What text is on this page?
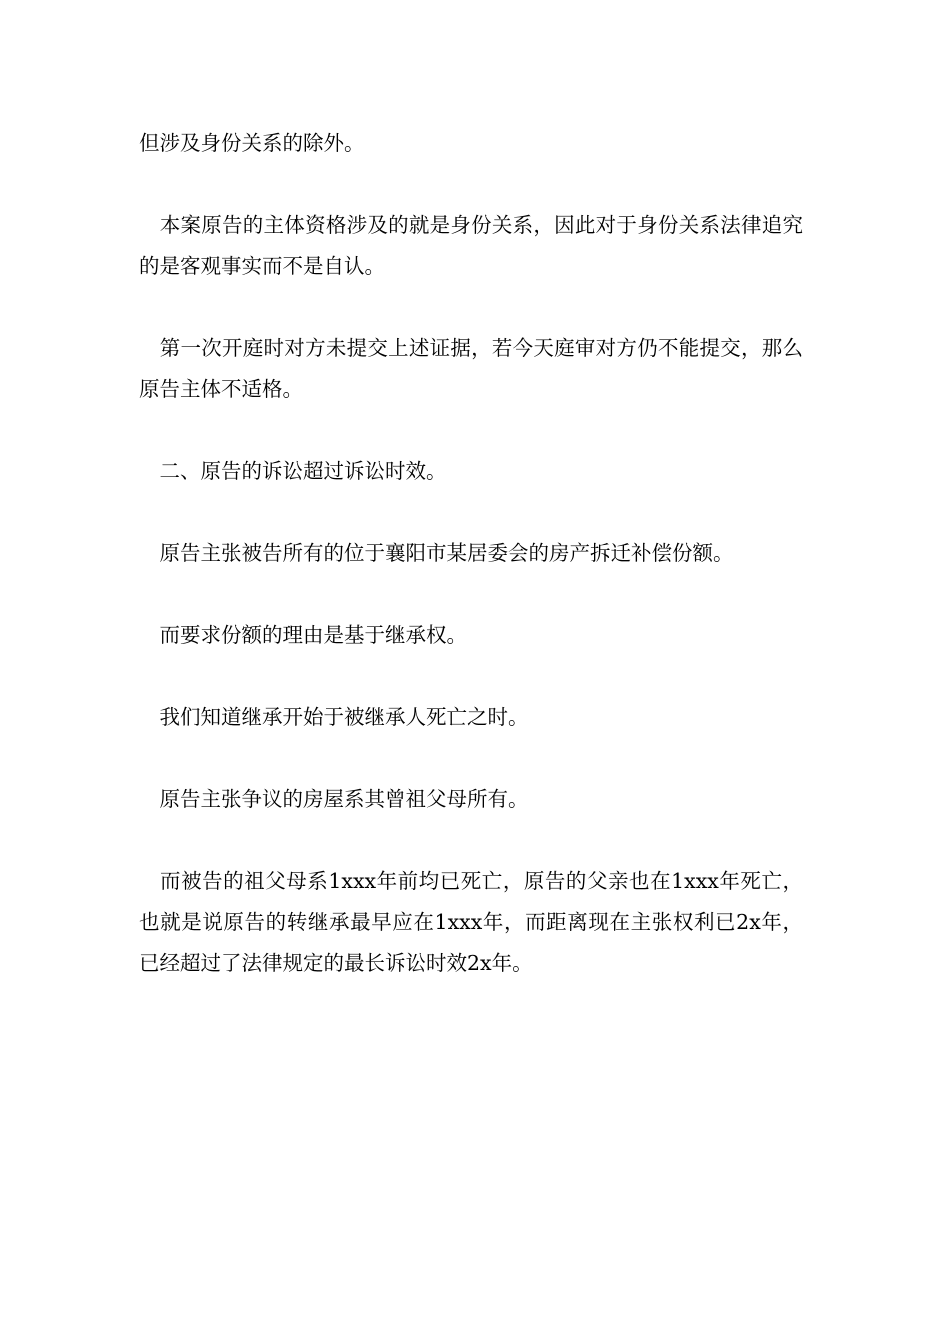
但涉及身份关系的除外。

　本案原告的主体资格涉及的就是身份关系，因此对于身份关系法律追究的是客观事实而不是自认。

　第一次开庭时对方未提交上述证据，若今天庭审对方仍不能提交，那么原告主体不适格。

　二、原告的诉讼超过诉讼时效。

　原告主张被告所有的位于襄阳市某居委会的房产拆迁补偿份额。

　而要求份额的理由是基于继承权。

　我们知道继承开始于被继承人死亡之时。

　原告主张争议的房屋系其曾祖父母所有。

　而被告的祖父母系1xxx年前均已死亡，原告的父亲也在1xxx年死亡，也就是说原告的转继承最早应在1xxx年，而距离现在主张权利已2x年，已经超过了法律规定的最长诉讼时效2x年。
